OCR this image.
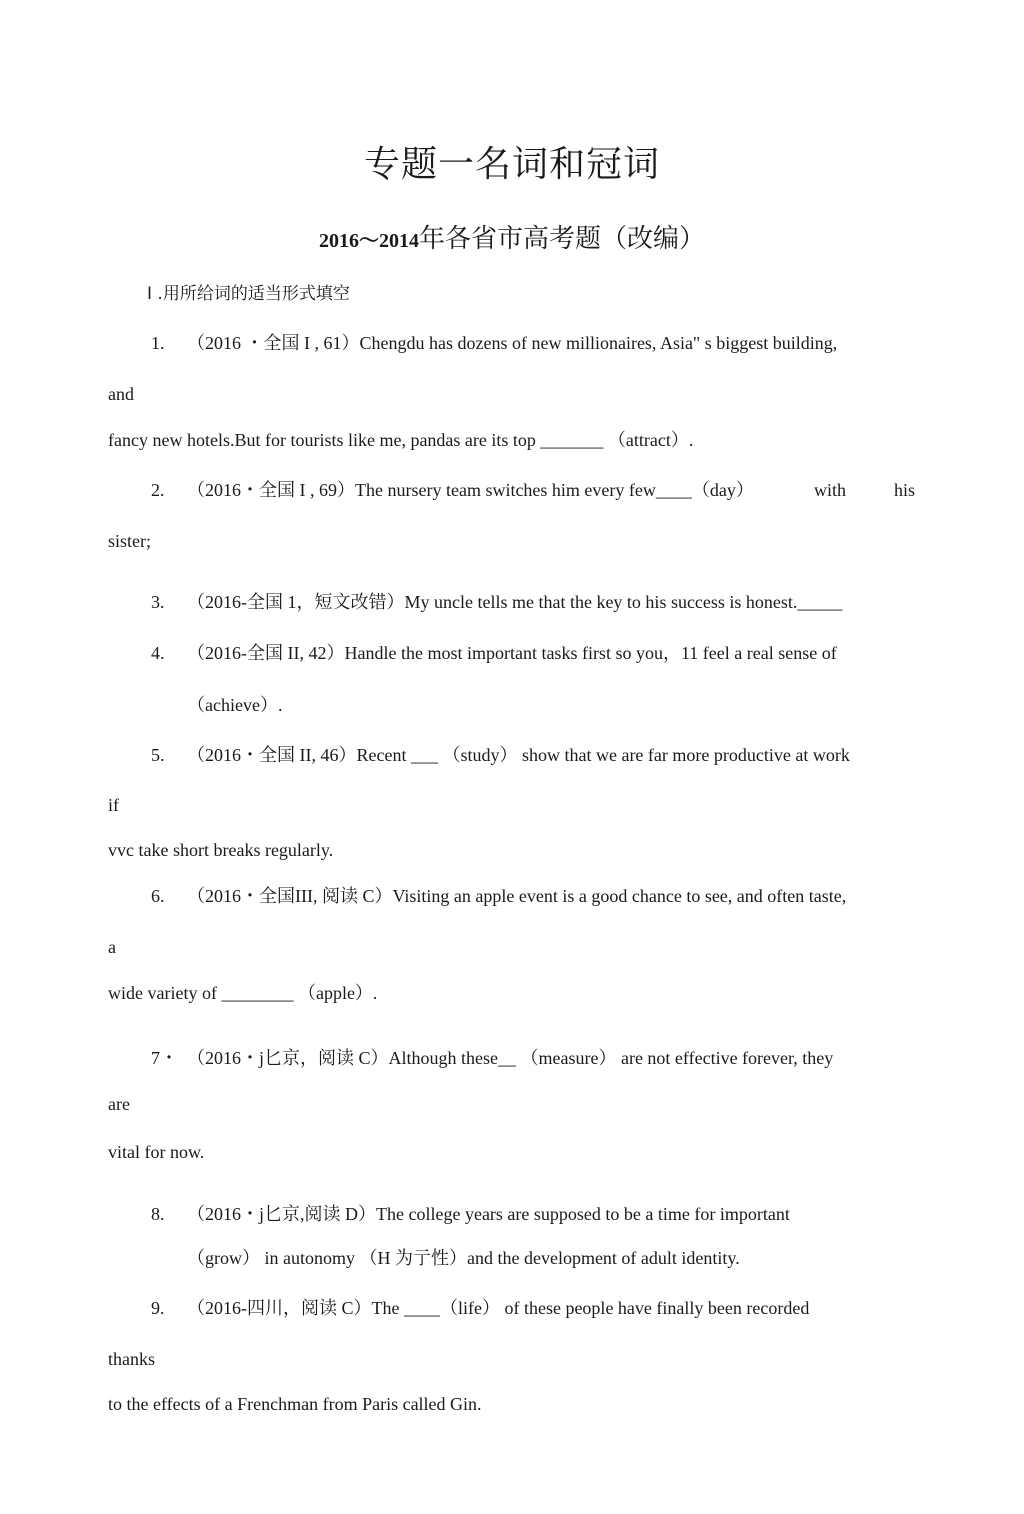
专题一名词和冠词
2016～2014年各省市高考题（改编）
I .用所给词的适当形式填空
1. （2016 ・全国 I , 61）Chengdu has dozens of new millionaires, Asia" s biggest building,
and
fancy new hotels.But for tourists like me, pandas are its top _______ （attract）.
2. （2016・全国 I , 69）The nursery team switches him every few____（day）	with	his
sister;
3. （2016-全国 1，短文改错）My uncle tells me that the key to his success is honest._____
4. （2016-全国 II, 42）Handle the most important tasks first so you，11 feel a real sense of
（achieve）.
5. （2016・全国 II, 46）Recent ___ （study） show that we are far more productive at work
if
vvc take short breaks regularly.
6. （2016・全国III, 阅读 C）Visiting an apple event is a good chance to see, and often taste,
a
wide variety of ________ （apple）.
7・ （2016・j匕京，阅读 C）Although these__ （measure） are not effective forever, they
are
vital for now.
8. （2016・j匕京,阅读 D）The college years are supposed to be a time for important
（grow） in autonomy （H 为亍性）and the development of adult identity.
9. （2016-四川，阅读 C）The ____（life） of these people have finally been recorded
thanks
to the effects of a Frenchman from Paris called Gin.
